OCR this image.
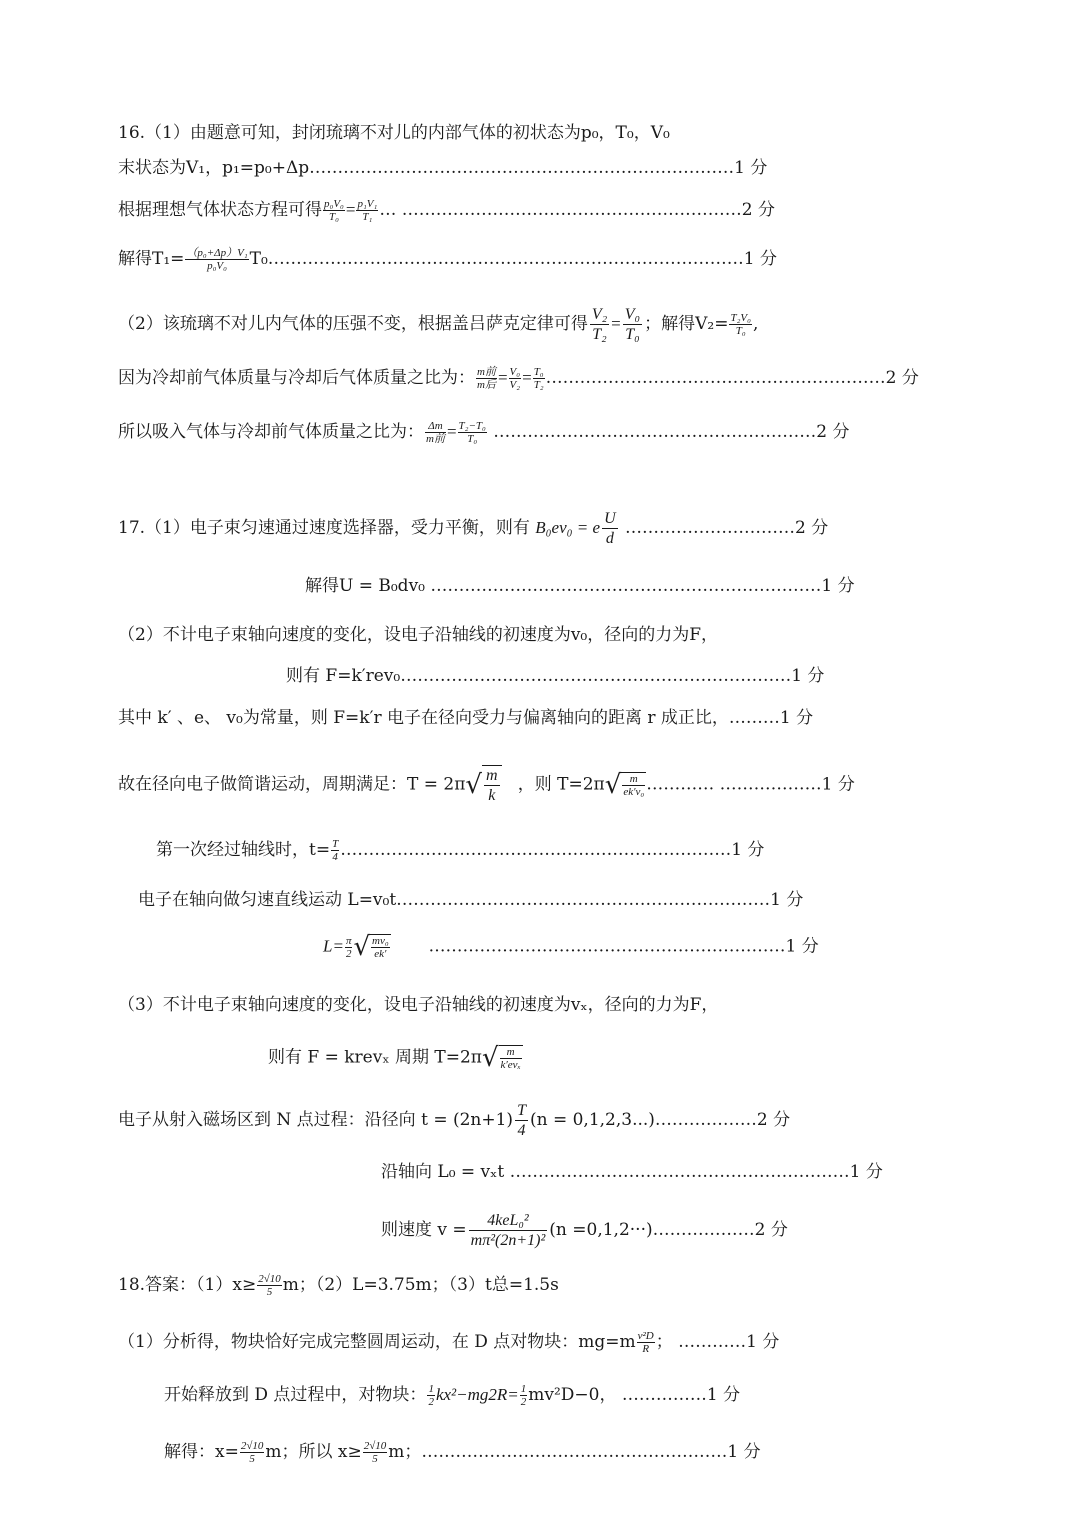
16.（1）由题意可知，封闭琉璃不对儿的内部气体的初状态为p₀，T₀，V₀
末状态为V₁，p₁=p₀+Δp…………………………………………………………………1 分
根据理想气体状态方程可得 $\frac{\text{p₀V₀}}{\text{T₀}} = \frac{\text{p₁V₁}}{\text{T₁}}$ … ……………………………………………………2 分
解得$T_1= \frac{\text{（p₀+Δp）V₁}}{\text{p₀V₀}}$ T₀…………………………………………………………………………1 分
（2）该琉璃不对儿内气体的压强不变，根据盖吕萨克定律可得 $\frac{\text{V₂}}{\text{T₂}} = \frac{\text{V₀}}{\text{T₀}}$ ；解得$V_2= \frac{\text{T₂V₀}}{\text{T₀}}$ ,
因为冷却前气体质量与冷却后气体质量之比为： $\frac{\text{m前}}{\text{m后}} = \frac{\text{V₀}}{\text{V₂}} = \frac{\text{T₀}}{\text{T₂}}$ ……………………………………………………2 分
所以吸入气体与冷却前气体质量之比为： $\frac{\Delta m}{\text{m前}} = \frac{\text{T₂−T₀}}{\text{T₀}}$ …………………………………………………2 分
17.（1）电子束匀速通过速度选择器，受力平衡，则有 B₀ev₀ = e $\frac{U}{d}$ …………………………2 分
解得U = B₀dv₀ ……………………………………………………………1 分
（2）不计电子束轴向速度的变化，设电子沿轴线的初速度为v₀，径向的力为F，
则有 F=k′rev₀……………………………………………………………1 分
其中 k′ 、e、 v₀为常量，则 F=k′r 电子在径向受力与偏离轴向的距离 r 成正比，………1 分
故在径向电子做简谐运动，周期满足：$T = 2\pi√ \frac{m}{k}$ ，则 $T=2\pi√ \frac{m}{\text{ek′v₀}}$ ………… ………………1 分
第一次经过轴线时，$t= \frac{T}{4}$ ……………………………………………………………1 分
电子在轴向做匀速直线运动 L=v₀t…………………………………………………………1 分
$L= \frac{\pi}{2}$ √ $\frac{\text{mv₀}}{ek'}$ ………………………………………………………1 分
（3）不计电子束轴向速度的变化，设电子沿轴线的初速度为vₓ，径向的力为F，
则有 F = krevₓ 周期 $T=2\pi√ \frac{m}{\text{k′evₓ}}$
电子从射入磁场区到 N 点过程：沿径向 $t = (2n+1) \frac{T}{4} (n$ = 0,1,2,3...)………………2 分
沿轴向 L₀ = vₓt ……………………………………………………1 分
则速度 v =	4keL₀²
mπ²(2n+1)²
(n =0,1,2···)………………2 分
18.答案：$(1)x\ge \frac{2√10}{5}$ m；（2）L=3.75m；（3）t总=1.5s
（1）分析得，物块恰好完成完整圆周运动，在 D 点对物块：$mg=m \frac{\text{v²D}}{R}$ ； …………1 分
开始释放到 D 点过程中，对物块： $\frac{1}{2} kx^2-mg2R= \frac{1}{2} mv^2D-0$， ……………1 分
解得：$x= \frac{2√10}{5}$ m；所以 $x\ge \frac{2√10}{5}$ m；………………………………………………1 分
